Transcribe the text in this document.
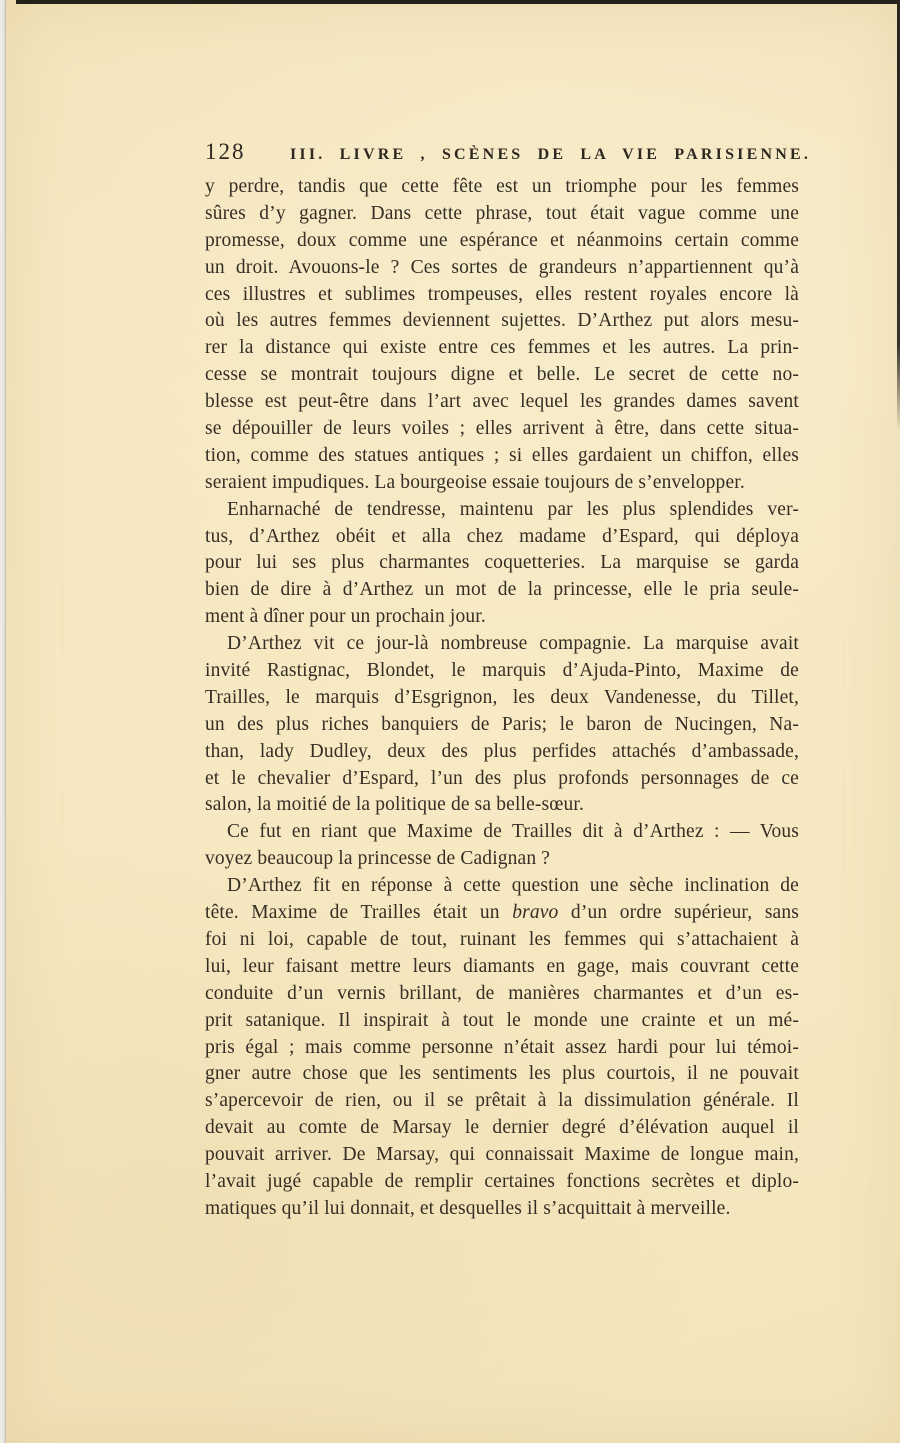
128	III. LIVRE , SCÈNES DE LA VIE PARISIENNE.
y perdre, tandis que cette fête est un triomphe pour les femmes
sûres d’y gagner. Dans cette phrase, tout était vague comme une
promesse, doux comme une espérance et néanmoins certain comme
un droit. Avouons-le ? Ces sortes de grandeurs n’appartiennent qu’à
ces illustres et sublimes trompeuses, elles restent royales encore là
où les autres femmes deviennent sujettes. D’Arthez put alors mesu-
rer la distance qui existe entre ces femmes et les autres. La prin-
cesse se montrait toujours digne et belle. Le secret de cette no-
blesse est peut-être dans l’art avec lequel les grandes dames savent
se dépouiller de leurs voiles ; elles arrivent à être, dans cette situa-
tion, comme des statues antiques ; si elles gardaient un chiffon, elles
seraient impudiques. La bourgeoise essaie toujours de s’envelopper.
Enharnaché de tendresse, maintenu par les plus splendides ver-
tus, d’Arthez obéit et alla chez madame d’Espard, qui déploya
pour lui ses plus charmantes coquetteries. La marquise se garda
bien de dire à d’Arthez un mot de la princesse, elle le pria seule-
ment à dîner pour un prochain jour.
D’Arthez vit ce jour-là nombreuse compagnie. La marquise avait
invité Rastignac, Blondet, le marquis d’Ajuda-Pinto, Maxime de
Trailles, le marquis d’Esgrignon, les deux Vandenesse, du Tillet,
un des plus riches banquiers de Paris; le baron de Nucingen, Na-
than, lady Dudley, deux des plus perfides attachés d’ambassade,
et le chevalier d’Espard, l’un des plus profonds personnages de ce
salon, la moitié de la politique de sa belle-sœur.
Ce fut en riant que Maxime de Trailles dit à d’Arthez : — Vous
voyez beaucoup la princesse de Cadignan ?
D’Arthez fit en réponse à cette question une sèche inclination de
tête. Maxime de Trailles était un bravo d’un ordre supérieur, sans
foi ni loi, capable de tout, ruinant les femmes qui s’attachaient à
lui, leur faisant mettre leurs diamants en gage, mais couvrant cette
conduite d’un vernis brillant, de manières charmantes et d’un es-
prit satanique. Il inspirait à tout le monde une crainte et un mé-
pris égal ; mais comme personne n’était assez hardi pour lui témoi-
gner autre chose que les sentiments les plus courtois, il ne pouvait
s’apercevoir de rien, ou il se prêtait à la dissimulation générale. Il
devait au comte de Marsay le dernier degré d’élévation auquel il
pouvait arriver. De Marsay, qui connaissait Maxime de longue main,
l’avait jugé capable de remplir certaines fonctions secrètes et diplo-
matiques qu’il lui donnait, et desquelles il s’acquittait à merveille.
